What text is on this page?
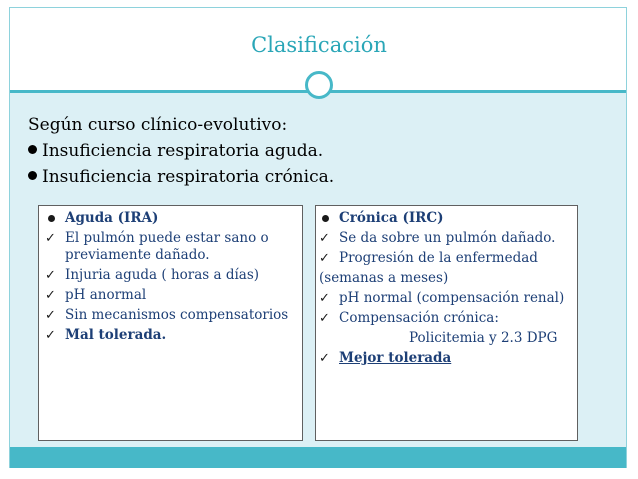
Clasificación
Según curso clínico-evolutivo:
Insuficiencia respiratoria aguda.
Insuficiencia respiratoria crónica.
Aguda (IRA)
✓ El pulmón puede estar sano o previamente dañado.
✓ Injuria aguda ( horas a días)
✓ pH anormal
✓ Sin mecanismos compensatorios
✓ Mal tolerada.
Crónica (IRC)
✓ Se da sobre un pulmón dañado.
✓ Progresión de la enfermedad
(semanas a meses)
✓ pH normal (compensación renal)
✓ Compensación crónica:
Policitemia y 2.3 DPG
✓ Mejor tolerada
